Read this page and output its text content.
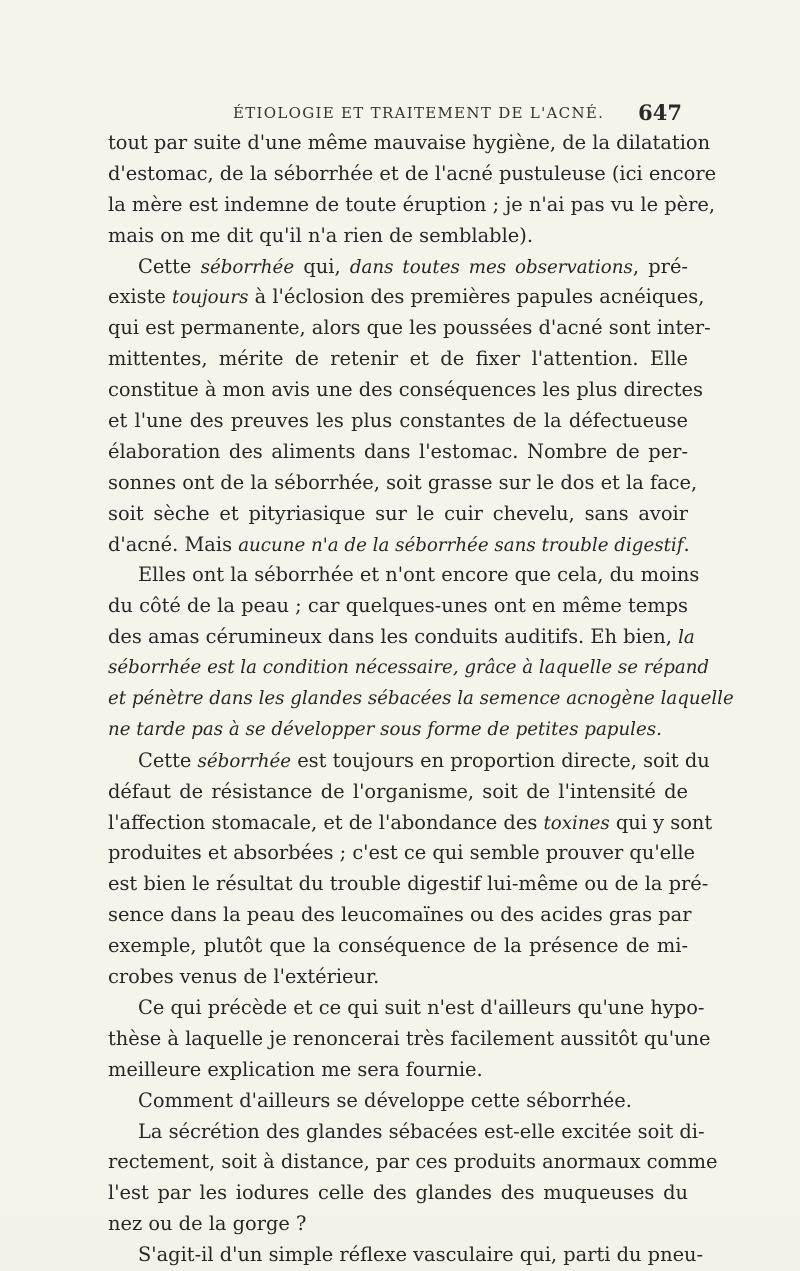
ÉTIOLOGIE ET TRAITEMENT DE L'ACNÉ. 647
tout par suite d'une même mauvaise hygiène, de la dilatation
d'estomac, de la séborrhée et de l'acné pustuleuse (ici encore
la mère est indemne de toute éruption ; je n'ai pas vu le père,
mais on me dit qu'il n'a rien de semblable).
Cette séborrhée qui, dans toutes mes observations, pré-
existe toujours à l'éclosion des premières papules acnéiques,
qui est permanente, alors que les poussées d'acné sont inter-
mittentes, mérite de retenir et de fixer l'attention. Elle
constitue à mon avis une des conséquences les plus directes
et l'une des preuves les plus constantes de la défectueuse
élaboration des aliments dans l'estomac. Nombre de per-
sonnes ont de la séborrhée, soit grasse sur le dos et la face,
soit sèche et pityriasique sur le cuir chevelu, sans avoir
d'acné. Mais aucune n'a de la séborrhée sans trouble digestif.
Elles ont la séborrhée et n'ont encore que cela, du moins
du côté de la peau ; car quelques-unes ont en même temps
des amas cérumineux dans les conduits auditifs. Eh bien, la
séborrhée est la condition nécessaire, grâce à laquelle se répand
et pénètre dans les glandes sébacées la semence acnogène laquelle
ne tarde pas à se développer sous forme de petites papules.
Cette séborrhée est toujours en proportion directe, soit du
défaut de résistance de l'organisme, soit de l'intensité de
l'affection stomacale, et de l'abondance des toxines qui y sont
produites et absorbées ; c'est ce qui semble prouver qu'elle
est bien le résultat du trouble digestif lui-même ou de la pré-
sence dans la peau des leucomaïnes ou des acides gras par
exemple, plutôt que la conséquence de la présence de mi-
crobes venus de l'extérieur.
Ce qui précède et ce qui suit n'est d'ailleurs qu'une hypo-
thèse à laquelle je renoncerai très facilement aussitôt qu'une
meilleure explication me sera fournie.
Comment d'ailleurs se développe cette séborrhée.
La sécrétion des glandes sébacées est-elle excitée soit di-
rectement, soit à distance, par ces produits anormaux comme
l'est par les iodures celle des glandes des muqueuses du
nez ou de la gorge ?
S'agit-il d'un simple réflexe vasculaire qui, parti du pneu-
